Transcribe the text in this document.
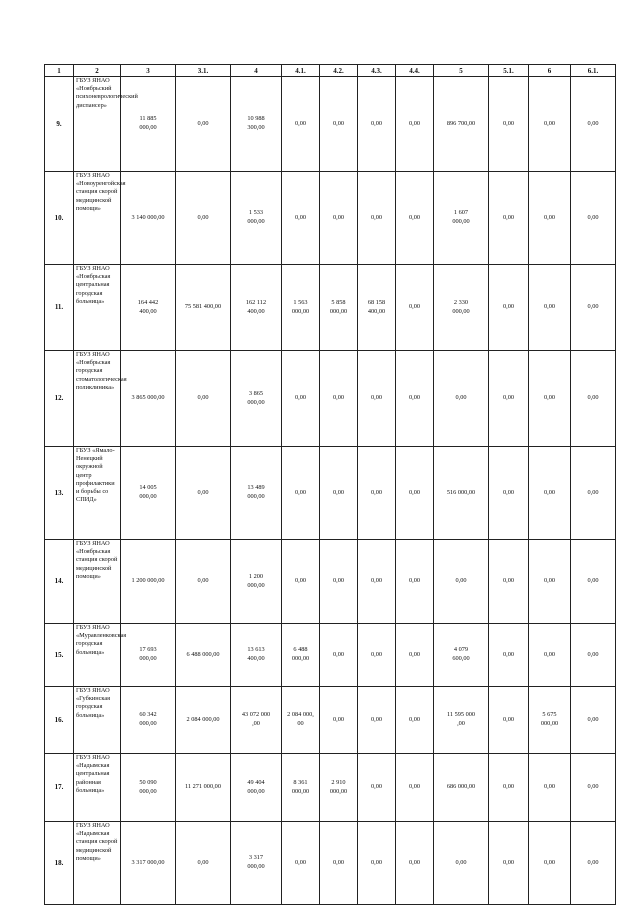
1	2	3	3.1.	4	4.1.	4.2.	4.3.	4.4.	5	5.1.	6	6.1.
9.	ГБУЗ ЯНАО «Ноябрьский психоневрологический диспансер»	11 885
000,00	0,00	10 988
300,00	0,00	0,00	0,00	0,00	896 700,00	0,00	0,00	0,00
10.	ГБУЗ ЯНАО «Новоуренгойская станция скорой медицинской помощи»	3 140 000,00	0,00	1 533
000,00	0,00	0,00	0,00	0,00	1 607
000,00	0,00	0,00	0,00
11.	ГБУЗ ЯНАО «Ноябрьская центральная городская больница»	164 442
400,00	75 581 400,00	162 112
400,00	1 563
000,00	5 858
000,00	68 158
400,00	0,00	2 330
000,00	0,00	0,00	0,00
12.	ГБУЗ ЯНАО «Ноябрьская городская стоматологическая поликлиника»	3 865 000,00	0,00	3 865
000,00	0,00	0,00	0,00	0,00	0,00	0,00	0,00	0,00
13.	ГБУЗ «Ямало-Ненецкий окружной центр профилактики и борьбы со СПИД»	14 005
000,00	0,00	13 489
000,00	0,00	0,00	0,00	0,00	516 000,00	0,00	0,00	0,00
14.	ГБУЗ ЯНАО «Ноябрьская станция скорой медицинской помощи»	1 200 000,00	0,00	1 200
000,00	0,00	0,00	0,00	0,00	0,00	0,00	0,00	0,00
15.	ГБУЗ ЯНАО «Муравленковская городская больница»	17 693
000,00	6 488 000,00	13 613
400,00	6 488
000,00	0,00	0,00	0,00	4 079
600,00	0,00	0,00	0,00
16.	ГБУЗ ЯНАО «Губкинская городская больница»	60 342
000,00	2 084 000,00	43 072 000
,00	2 084 000,
00	0,00	0,00	0,00	11 595 000
,00	0,00	5 675
000,00	0,00
17.	ГБУЗ ЯНАО «Надымская центральная районная больница»	50 090
000,00	11 271 000,00	49 404
000,00	8 361
000,00	2 910
000,00	0,00	0,00	686 000,00	0,00	0,00	0,00
18.	ГБУЗ ЯНАО «Надымская станция скорой медицинской помощи»	3 317 000,00	0,00	3 317
000,00	0,00	0,00	0,00	0,00	0,00	0,00	0,00	0,00
